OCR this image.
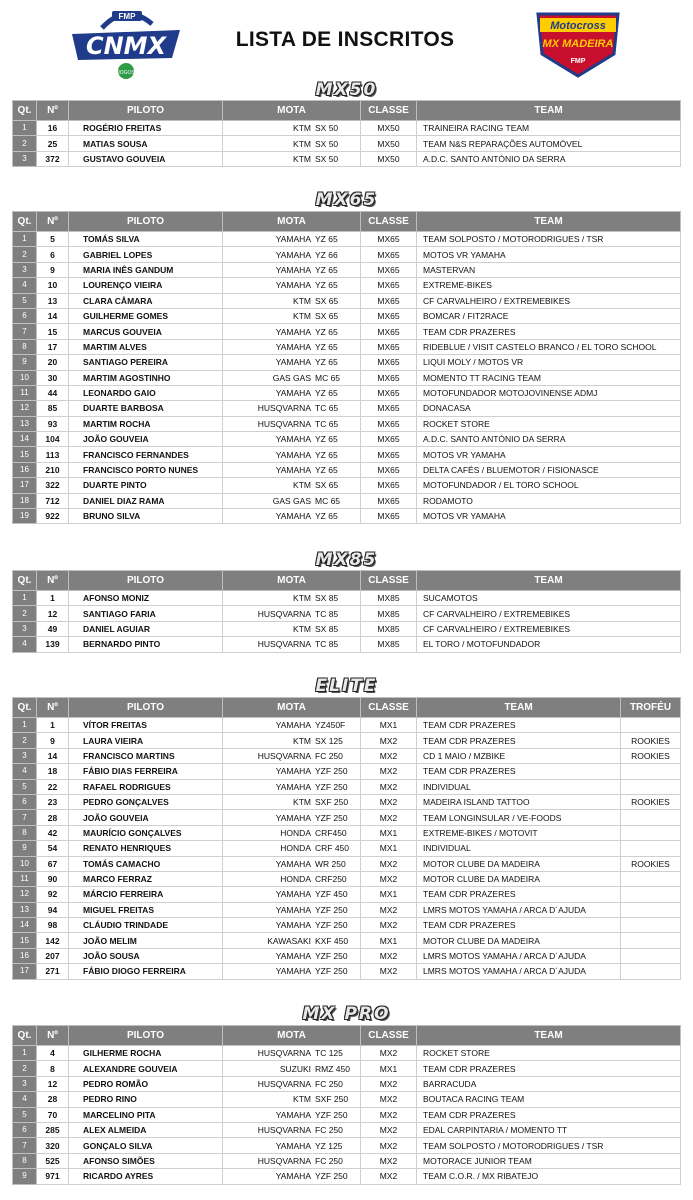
FMP
CNMX
JOGOS
LISTA DE INSCRITOS
Motocross
MX MADEIRA
FMP
MX50
Qt.	Nº	PILOTO	MOTA	CLASSE	TEAM
1	16	ROGÉRIO FREITAS	KTM SX 50	MX50	TRAINEIRA RACING TEAM
2	25	MATIAS SOUSA	KTM SX 50	MX50	TEAM N&S REPARAÇÕES AUTOMÓVEL
3	372	GUSTAVO GOUVEIA	KTM SX 50	MX50	A.D.C. SANTO ANTÓNIO DA SERRA
MX65
Qt.	Nº	PILOTO	MOTA	CLASSE	TEAM
1	5	TOMÁS SILVA	YAMAHA YZ 65	MX65	TEAM SOLPOSTO / MOTORODRIGUES / TSR
2	6	GABRIEL LOPES	YAMAHA YZ 66	MX65	MOTOS VR YAMAHA
3	9	MARIA INÊS GANDUM	YAMAHA YZ 65	MX65	MASTERVAN
4	10	LOURENÇO VIEIRA	YAMAHA YZ 65	MX65	EXTREME-BIKES
5	13	CLARA CÂMARA	KTM SX 65	MX65	CF CARVALHEIRO / EXTREMEBIKES
6	14	GUILHERME GOMES	KTM SX 65	MX65	BOMCAR / FIT2RACE
7	15	MARCUS GOUVEIA	YAMAHA YZ 65	MX65	TEAM CDR PRAZERES
8	17	MARTIM ALVES	YAMAHA YZ 65	MX65	RIDEBLUE / VISIT CASTELO BRANCO / EL TORO SCHOOL
9	20	SANTIAGO PEREIRA	YAMAHA YZ 65	MX65	LIQUI MOLY / MOTOS VR
10	30	MARTIM AGOSTINHO	GAS GAS MC 65	MX65	MOMENTO TT RACING TEAM
11	44	LEONARDO GAIO	YAMAHA YZ 65	MX65	MOTOFUNDADOR MOTOJOVINENSE ADMJ
12	85	DUARTE BARBOSA	HUSQVARNA TC 65	MX65	DONACASA
13	93	MARTIM ROCHA	HUSQVARNA TC 65	MX65	ROCKET STORE
14	104	JOÃO GOUVEIA	YAMAHA YZ 65	MX65	A.D.C. SANTO ANTÓNIO DA SERRA
15	113	FRANCISCO FERNANDES	YAMAHA YZ 65	MX65	MOTOS VR YAMAHA
16	210	FRANCISCO PORTO NUNES	YAMAHA YZ 65	MX65	DELTA CAFÉS / BLUEMOTOR / FISIONASCE
17	322	DUARTE PINTO	KTM SX 65	MX65	MOTOFUNDADOR / EL TORO SCHOOL
18	712	DANIEL DIAZ RAMA	GAS GAS MC 65	MX65	RODAMOTO
19	922	BRUNO SILVA	YAMAHA YZ 65	MX65	MOTOS VR YAMAHA
MX85
Qt.	Nº	PILOTO	MOTA	CLASSE	TEAM
1	1	AFONSO MONIZ	KTM SX 85	MX85	SUCAMOTOS
2	12	SANTIAGO FARIA	HUSQVARNA TC 85	MX85	CF CARVALHEIRO / EXTREMEBIKES
3	49	DANIEL AGUIAR	KTM SX 85	MX85	CF CARVALHEIRO / EXTREMEBIKES
4	139	BERNARDO PINTO	HUSQVARNA TC 85	MX85	EL TORO / MOTOFUNDADOR
ELITE
Qt.	Nº	PILOTO	MOTA	CLASSE	TEAM	TROFÉU
1	1	VÍTOR FREITAS	YAMAHA YZ450F	MX1	TEAM CDR PRAZERES	
2	9	LAURA VIEIRA	KTM SX 125	MX2	TEAM CDR PRAZERES	ROOKIES
3	14	FRANCISCO MARTINS	HUSQVARNA FC 250	MX2	CD 1 MAIO / MZBIKE	ROOKIES
4	18	FÁBIO DIAS FERREIRA	YAMAHA YZF 250	MX2	TEAM CDR PRAZERES	
5	22	RAFAEL RODRIGUES	YAMAHA YZF 250	MX2	INDIVIDUAL	
6	23	PEDRO GONÇALVES	KTM SXF 250	MX2	MADEIRA ISLAND TATTOO	ROOKIES
7	28	JOÃO GOUVEIA	YAMAHA YZF 250	MX2	TEAM LONGINSULAR / VE-FOODS	
8	42	MAURÍCIO GONÇALVES	HONDA CRF450	MX1	EXTREME-BIKES / MOTOVIT	
9	54	RENATO HENRIQUES	HONDA CRF 450	MX1	INDIVIDUAL	
10	67	TOMÁS CAMACHO	YAMAHA WR 250	MX2	MOTOR CLUBE DA MADEIRA	ROOKIES
11	90	MARCO FERRAZ	HONDA CRF250	MX2	MOTOR CLUBE DA MADEIRA	
12	92	MÁRCIO FERREIRA	YAMAHA YZF 450	MX1	TEAM CDR PRAZERES	
13	94	MIGUEL FREITAS	YAMAHA YZF 250	MX2	LMRS MOTOS YAMAHA / ARCA D´AJUDA	
14	98	CLÁUDIO TRINDADE	YAMAHA YZF 250	MX2	TEAM CDR PRAZERES	
15	142	JOÃO MELIM	KAWASAKI KXF 450	MX1	MOTOR CLUBE DA MADEIRA	
16	207	JOÃO SOUSA	YAMAHA YZF 250	MX2	LMRS MOTOS YAMAHA / ARCA D´AJUDA	
17	271	FÁBIO DIOGO FERREIRA	YAMAHA YZF 250	MX2	LMRS MOTOS YAMAHA / ARCA D´AJUDA	
MX PRO
Qt.	Nº	PILOTO	MOTA	CLASSE	TEAM
1	4	GILHERME ROCHA	HUSQVARNA TC 125	MX2	ROCKET STORE
2	8	ALEXANDRE GOUVEIA	SUZUKI RMZ 450	MX1	TEAM CDR PRAZERES
3	12	PEDRO ROMÃO	HUSQVARNA FC 250	MX2	BARRACUDA
4	28	PEDRO RINO	KTM SXF 250	MX2	BOUTACA RACING TEAM
5	70	MARCELINO PITA	YAMAHA YZF 250	MX2	TEAM CDR PRAZERES
6	285	ALEX ALMEIDA	HUSQVARNA FC 250	MX2	EDAL CARPINTARIA / MOMENTO TT
7	320	GONÇALO SILVA	YAMAHA YZ 125	MX2	TEAM SOLPOSTO / MOTORODRIGUES / TSR
8	525	AFONSO SIMÕES	HUSQVARNA FC 250	MX2	MOTORACE JUNIOR TEAM
9	971	RICARDO AYRES	YAMAHA YZF 250	MX2	TEAM C.O.R. / MX RIBATEJO
